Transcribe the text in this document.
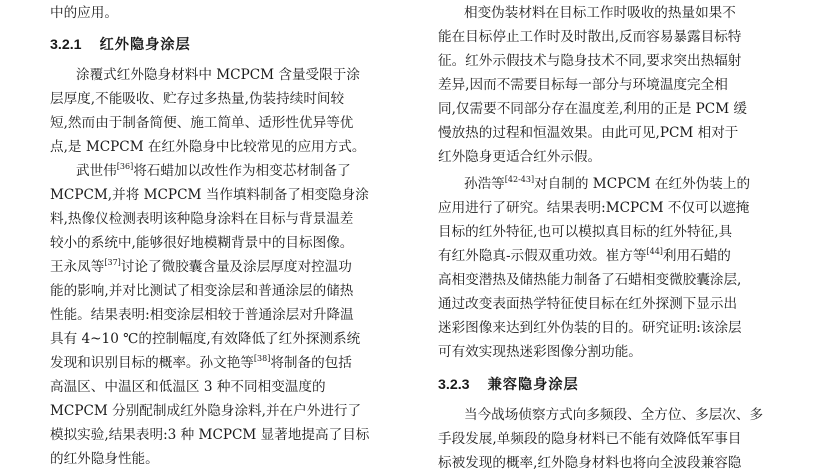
中的应用。
3.2.1 红外隐身涂层
涂覆式红外隐身材料中 MCPCM 含量受限于涂
层厚度,不能吸收、贮存过多热量,伪装持续时间较
短,然而由于制备简便、施工简单、适形性优异等优
点,是 MCPCM 在红外隐身中比较常见的应用方式。
武世伟[36]将石蜡加以改性作为相变芯材制备了
MCPCM,并将 MCPCM 当作填料制备了相变隐身涂
料,热像仪检测表明该种隐身涂料在目标与背景温差
较小的系统中,能够很好地模糊背景中的目标图像。
王永凤等[37]讨论了微胶囊含量及涂层厚度对控温功
能的影响,并对比测试了相变涂层和普通涂层的储热
性能。结果表明:相变涂层相较于普通涂层对升降温
具有 4~10 ℃的控制幅度,有效降低了红外探测系统
发现和识别目标的概率。孙文艳等[38]将制备的包括
高温区、中温区和低温区 3 种不同相变温度的
MCPCM 分别配制成红外隐身涂料,并在户外进行了
模拟实验,结果表明:3 种 MCPCM 显著地提高了目标
的红外隐身性能。
相变伪装材料在目标工作时吸收的热量如果不
能在目标停止工作时及时散出,反而容易暴露目标特
征。红外示假技术与隐身技术不同,要求突出热辐射
差异,因而不需要目标每一部分与环境温度完全相
同,仅需要不同部分存在温度差,利用的正是 PCM 缓
慢放热的过程和恒温效果。由此可见,PCM 相对于
红外隐身更适合红外示假。
孙浩等[42-43]对自制的 MCPCM 在红外伪装上的
应用进行了研究。结果表明:MCPCM 不仅可以遮掩
目标的红外特征,也可以模拟真目标的红外特征,具
有红外隐真-示假双重功效。崔方等[44]利用石蜡的
高相变潜热及储热能力制备了石蜡相变微胶囊涂层,
通过改变表面热学特征使目标在红外探测下显示出
迷彩图像来达到红外伪装的目的。研究证明:该涂层
可有效实现热迷彩图像分割功能。
3.2.3 兼容隐身涂层
当今战场侦察方式向多频段、全方位、多层次、多
手段发展,单频段的隐身材料已不能有效降低军事目
标被发现的概率,红外隐身材料也将向全波段兼容隐
